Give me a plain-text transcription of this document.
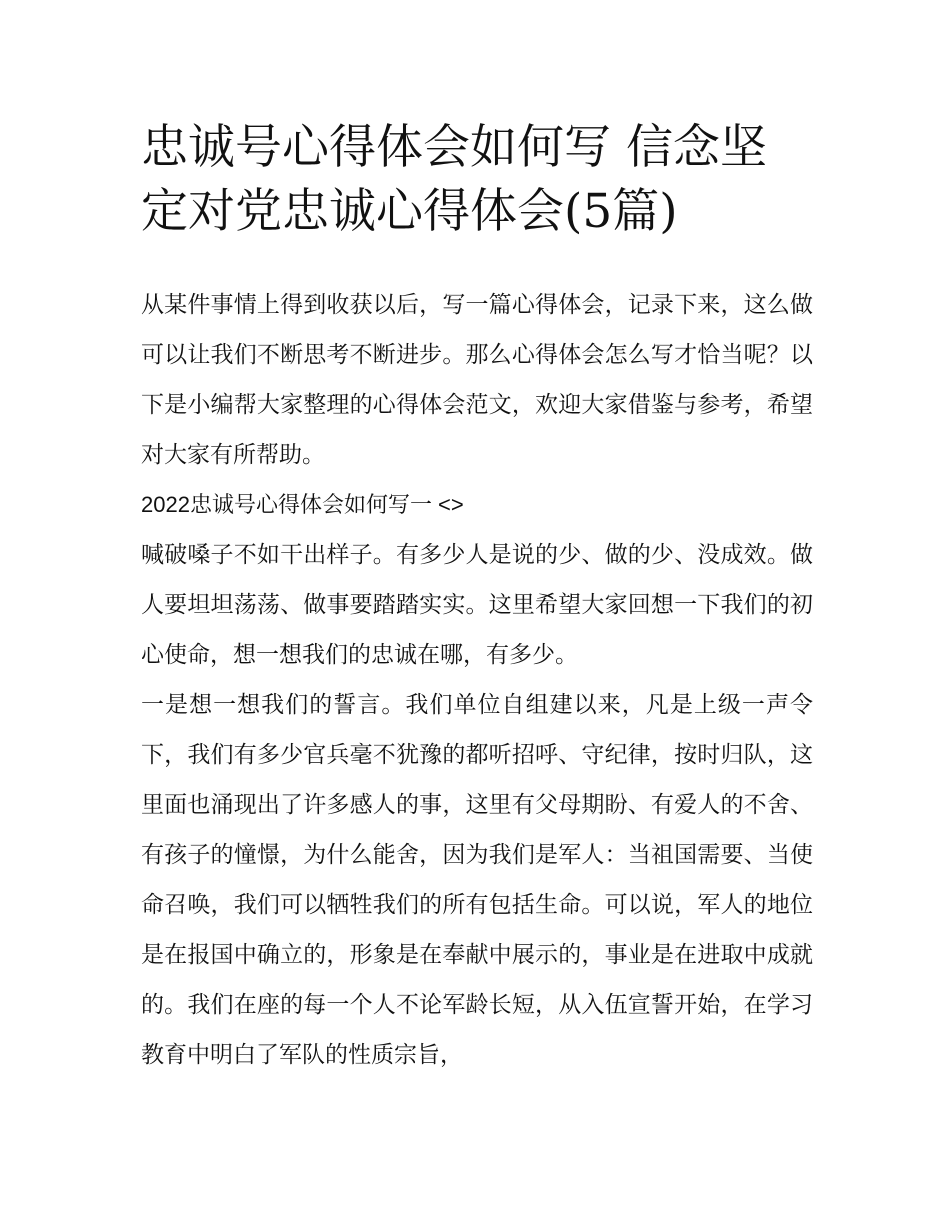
忠诚号心得体会如何写 信念坚定对党忠诚心得体会(5篇)

从某件事情上得到收获以后，写一篇心得体会，记录下来，这么做可以让我们不断思考不断进步。那么心得体会怎么写才恰当呢？以下是小编帮大家整理的心得体会范文，欢迎大家借鉴与参考，希望对大家有所帮助。

2022忠诚号心得体会如何写一 <>

喊破嗓子不如干出样子。有多少人是说的少、做的少、没成效。做人要坦坦荡荡、做事要踏踏实实。这里希望大家回想一下我们的初心使命，想一想我们的忠诚在哪，有多少。

一是想一想我们的誓言。我们单位自组建以来，凡是上级一声令下，我们有多少官兵毫不犹豫的都听招呼、守纪律，按时归队，这里面也涌现出了许多感人的事，这里有父母期盼、有爱人的不舍、有孩子的憧憬，为什么能舍，因为我们是军人：当祖国需要、当使命召唤，我们可以牺牲我们的所有包括生命。可以说，军人的地位是在报国中确立的，形象是在奉献中展示的，事业是在进取中成就的。我们在座的每一个人不论军龄长短，从入伍宣誓开始，在学习教育中明白了军队的性质宗旨，
